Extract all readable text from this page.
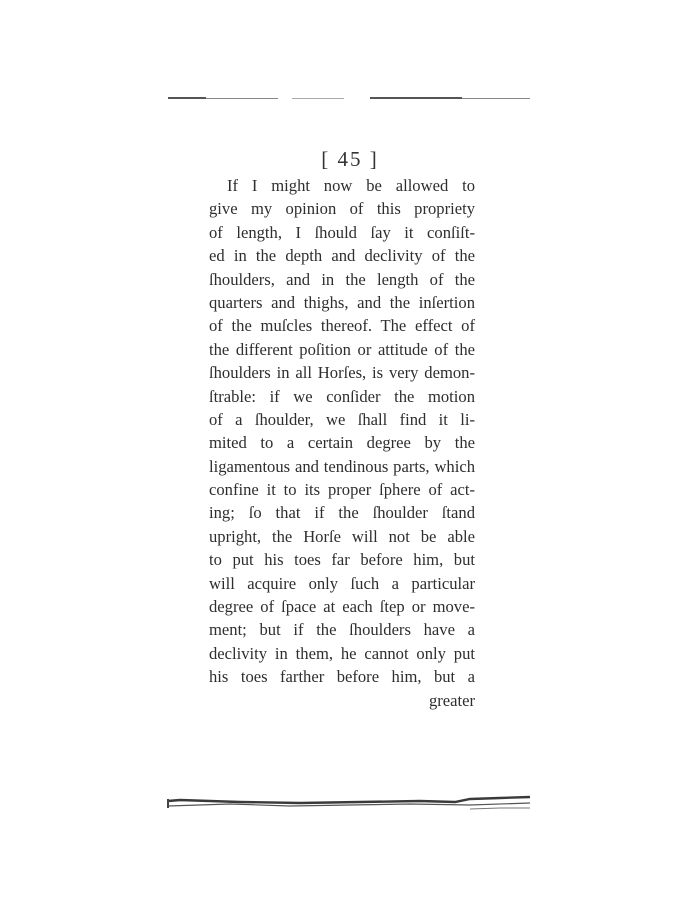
[ 45 ]
If I might now be allowed to
give my opinion of this propriety
of length, I ſhould ſay it conſiſt-
ed in the depth and declivity of the
ſhoulders, and in the length of the
quarters and thighs, and the inſertion
of the muſcles thereof. The effect of
the different poſition or attitude of the
ſhoulders in all Horſes, is very demon-
ſtrable: if we conſider the motion
of a ſhoulder, we ſhall find it li-
mited to a certain degree by the
ligamentous and tendinous parts, which
confine it to its proper ſphere of act-
ing; ſo that if the ſhoulder ſtand
upright, the Horſe will not be able
to put his toes far before him, but
will acquire only ſuch a particular
degree of ſpace at each ſtep or move-
ment; but if the ſhoulders have a
declivity in them, he cannot only put
his toes farther before him, but a
greater
